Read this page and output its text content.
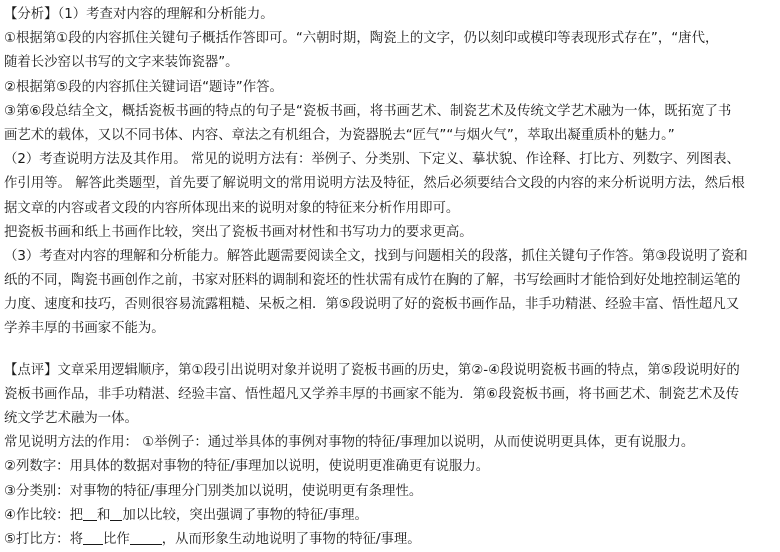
【分析】（1）考查对内容的理解和分析能力。
①根据第①段的内容抓住关键句子概括作答即可。“六朝时期，陶瓷上的文字，仍以刻印或模印等表现形式存在”，“唐代，
随着长沙窑以书写的文字来装饰瓷器”。
②根据第⑤段的内容抓住关键词语“题诗”作答。
③第⑥段总结全文，概括瓷板书画的特点的句子是“瓷板书画，将书画艺术、制瓷艺术及传统文学艺术融为一体，既拓宽了书
画艺术的载体，又以不同书体、内容、章法之有机组合，为瓷器脱去“匠气”“与烟火气”，萃取出凝重质朴的魅力。”
（2）考查说明方法及其作用。 常见的说明方法有：举例子、分类别、下定义、摹状貌、作诠释、打比方、列数字、列图表、
作引用等。 解答此类题型，首先要了解说明文的常用说明方法及特征，然后必须要结合文段的内容的来分析说明方法，然后根
据文章的内容或者文段的内容所体现出来的说明对象的特征来分析作用即可。
把瓷板书画和纸上书画作比较，突出了瓷板书画对材性和书写功力的要求更高。
（3）考查对内容的理解和分析能力。解答此题需要阅读全文，找到与问题相关的段落，抓住关键句子作答。第③段说明了瓷和
纸的不同，陶瓷书画创作之前，书家对胚料的调制和瓷坯的性状需有成竹在胸的了解，书写绘画时才能恰到好处地控制运笔的
力度、速度和技巧，否则很容易流露粗糙、呆板之相．第⑤段说明了好的瓷板书画作品，非手功精湛、经验丰富、悟性超凡又
学养丰厚的书画家不能为。
【点评】文章采用逻辑顺序，第①段引出说明对象并说明了瓷板书画的历史，第②-④段说明瓷板书画的特点，第⑤段说明好的
瓷板书画作品，非手功精湛、经验丰富、悟性超凡又学养丰厚的书画家不能为．第⑥段瓷板书画，将书画艺术、制瓷艺术及传
统文学艺术融为一体。
常见说明方法的作用： ①举例子：通过举具体的事例对事物的特征/事理加以说明，从而使说明更具体，更有说服力。
②列数字：用具体的数据对事物的特征/事理加以说明，使说明更准确更有说服力。
③分类别：对事物的特征/事理分门别类加以说明，使说明更有条理性。
④作比较：把 和 加以比较，突出强调了事物的特征/事理。
⑤打比方：将 比作 ，从而形象生动地说明了事物的特征/事理。
